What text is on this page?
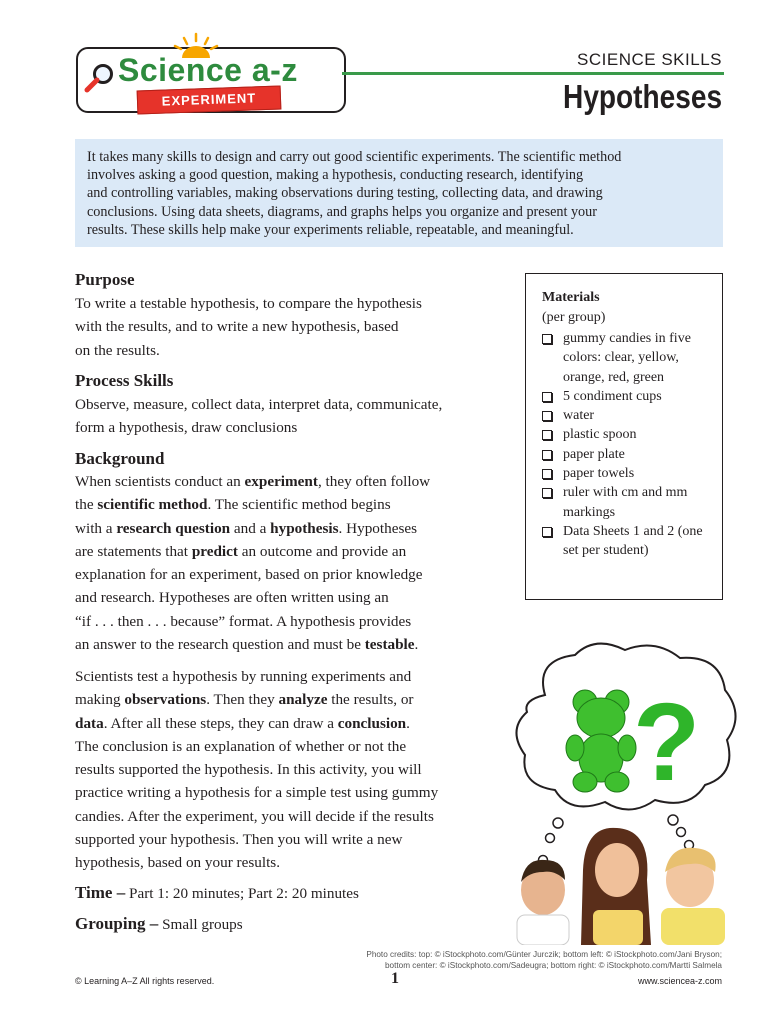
Science a-z
EXPERIMENT
SCIENCE SKILLS
Hypotheses
It takes many skills to design and carry out good scientific experiments. The scientific method
involves asking a good question, making a hypothesis, conducting research, identifying
and controlling variables, making observations during testing, collecting data, and drawing
conclusions. Using data sheets, diagrams, and graphs helps you organize and present your
results. These skills help make your experiments reliable, repeatable, and meaningful.
Purpose
To write a testable hypothesis, to compare the hypothesis
with the results, and to write a new hypothesis, based
on the results.
Process Skills
Observe, measure, collect data, interpret data, communicate,
form a hypothesis, draw conclusions
Background
When scientists conduct an experiment, they often follow
the scientific method. The scientific method begins
with a research question and a hypothesis. Hypotheses
are statements that predict an outcome and provide an
explanation for an experiment, based on prior knowledge
and research. Hypotheses are often written using an
“if . . . then . . . because” format. A hypothesis provides
an answer to the research question and must be testable.
Scientists test a hypothesis by running experiments and
making observations. Then they analyze the results, or
data. After all these steps, they can draw a conclusion.
The conclusion is an explanation of whether or not the
results supported the hypothesis. In this activity, you will
practice writing a hypothesis for a simple test using gummy
candies. After the experiment, you will decide if the results
supported your hypothesis. Then you will write a new
hypothesis, based on your results.
Time – Part 1: 20 minutes; Part 2: 20 minutes
Grouping – Small groups
Materials
(per group)
gummy candies in five colors: clear, yellow, orange, red, green
5 condiment cups
water
plastic spoon
paper plate
paper towels
ruler with cm and mm markings
Data Sheets 1 and 2 (one set per student)
?
Photo credits: top: © iStockphoto.com/Günter Jurczik; bottom left: © iStockphoto.com/Jani Bryson;
bottom center: © iStockphoto.com/Sadeugra; bottom right: © iStockphoto.com/Martti Salmela
© Learning A–Z All rights reserved.	1	www.sciencea-z.com
